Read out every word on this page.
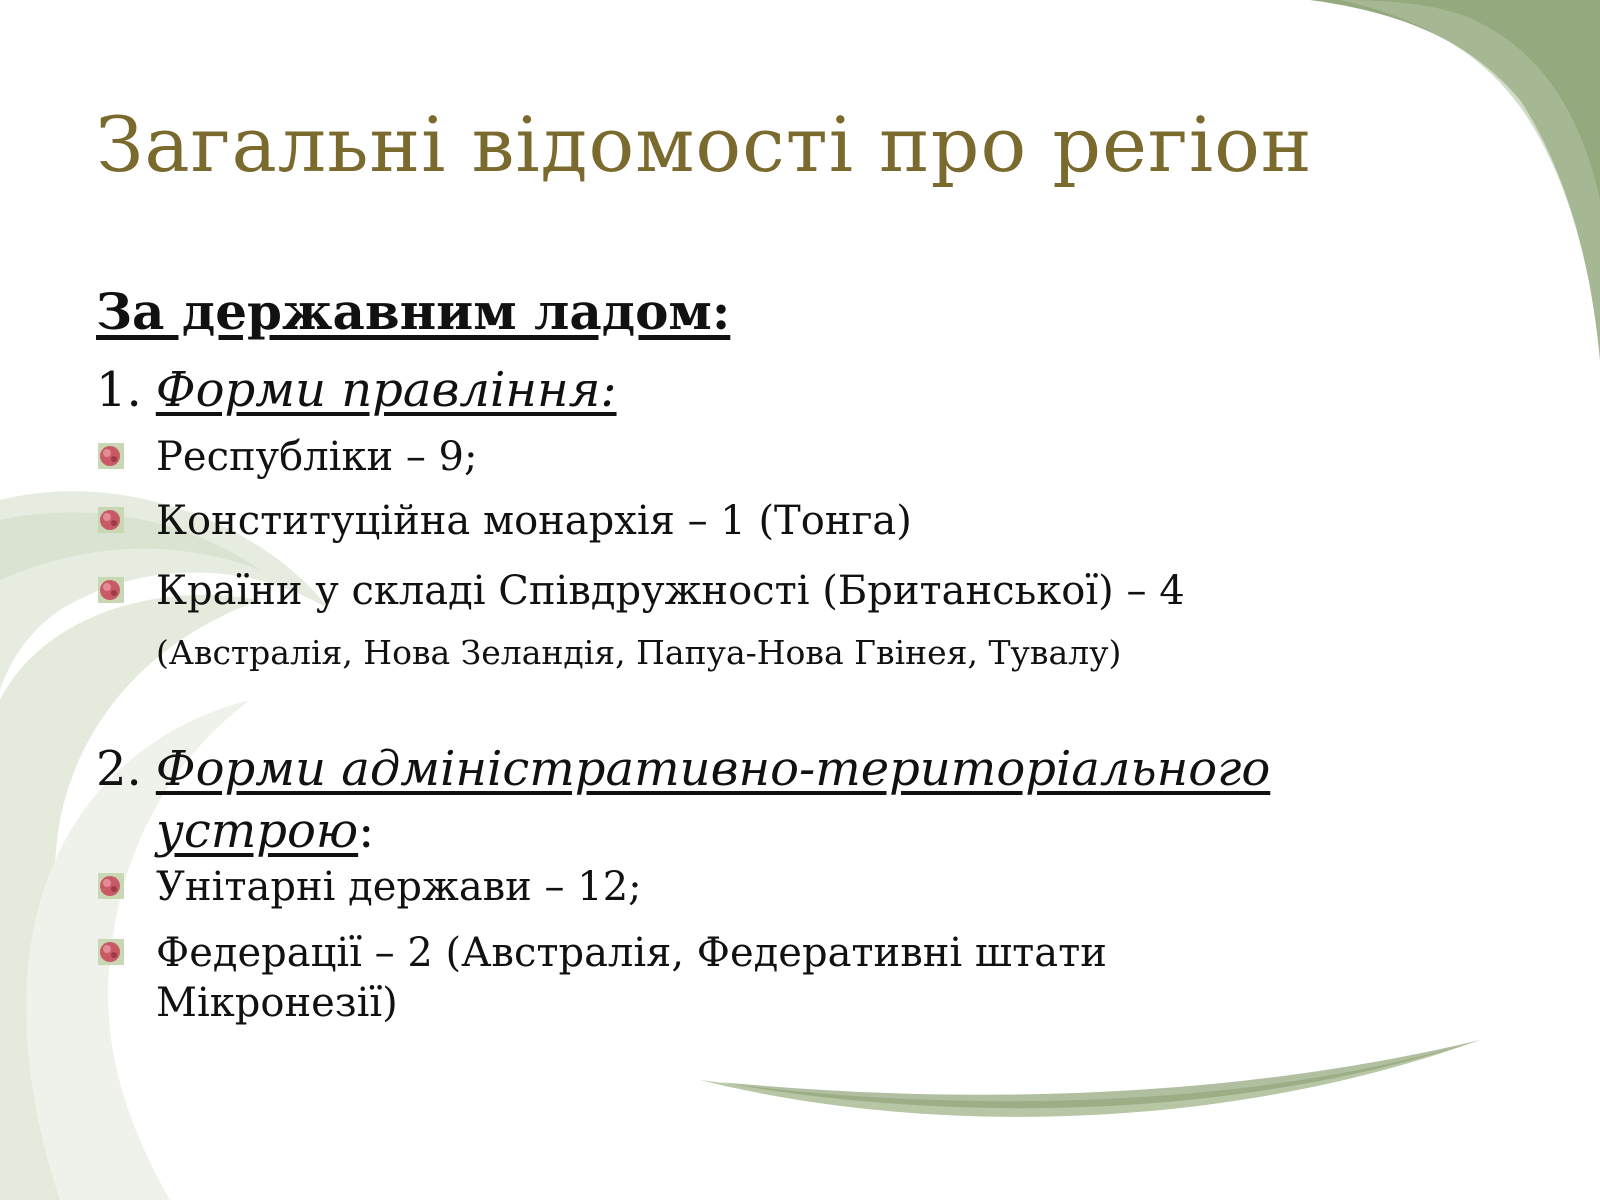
Загальні відомості про регіон
За державним ладом:
1. Форми правління:
Республіки – 9;
Конституційна монархія – 1 (Тонга)
Країни у складі Співдружності (Британської) – 4
(Австралія, Нова Зеландія, Папуа-Нова Гвінея, Тувалу)
2. Форми адміністративно-територіального
устрою:
Унітарні держави – 12;
Федерації – 2 (Австралія, Федеративні штати
Мікронезії)
